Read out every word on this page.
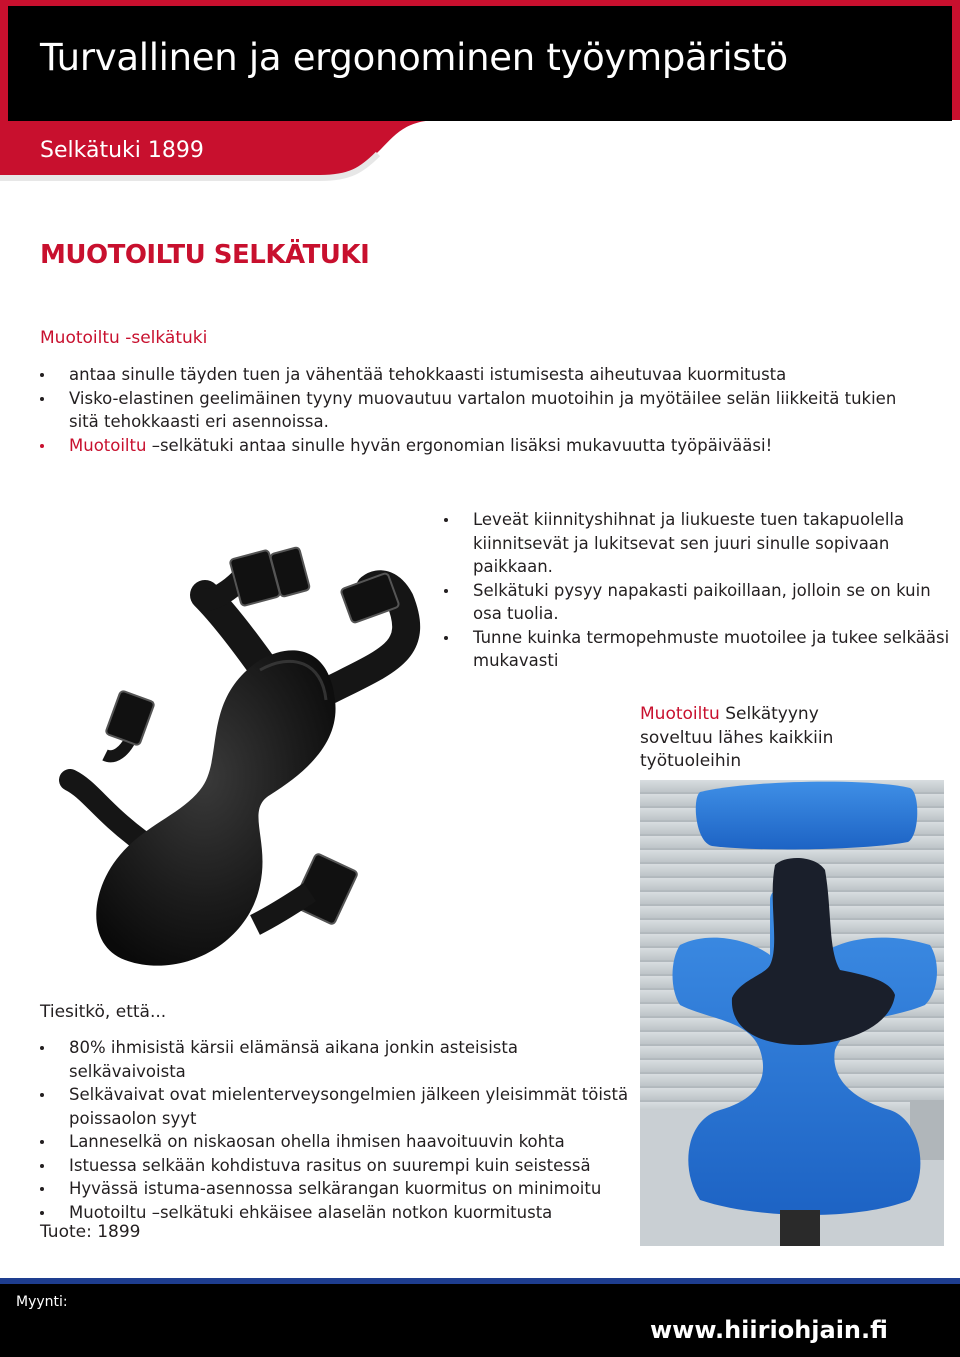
Turvallinen ja ergonominen työympäristö
Selkätuki 1899
MUOTOILTU SELKÄTUKI
Muotoiltu -selkätuki
antaa sinulle täyden tuen ja vähentää tehokkaasti istumisesta aiheutuvaa kuormitusta
Visko-elastinen geelimäinen tyyny muovautuu vartalon muotoihin ja myötäilee selän liikkeitä tukien sitä tehokkaasti eri asennoissa.
Muotoiltu –selkätuki antaa sinulle hyvän ergonomian lisäksi mukavuutta työpäivääsi!
Leveät kiinnityshihnat ja liukueste tuen takapuolella kiinnitsevät ja lukitsevat sen juuri sinulle sopivaan paikkaan.
Selkätuki pysyy napakasti paikoillaan, jolloin se on kuin osa tuolia.
Tunne kuinka termopehmuste muotoilee ja tukee selkääsi mukavasti
Muotoiltu Selkätyyny soveltuu lähes kaikkiin työtuoleihin
Tiesitkö, että...
80% ihmisistä kärsii elämänsä aikana jonkin asteisista selkävaivoista
Selkävaivat ovat mielenterveysongelmien jälkeen yleisimmät töistä poissaolon syyt
Lanneselkä on niskaosan ohella ihmisen haavoituuvin kohta
Istuessa selkään kohdistuva rasitus on suurempi kuin seistessä
Hyvässä istuma-asennossa selkärangan kuormitus on minimoitu
Muotoiltu –selkätuki ehkäisee alaselän notkon kuormitusta
Tuote: 1899
Myynti:
www.hiiriohjain.fi
